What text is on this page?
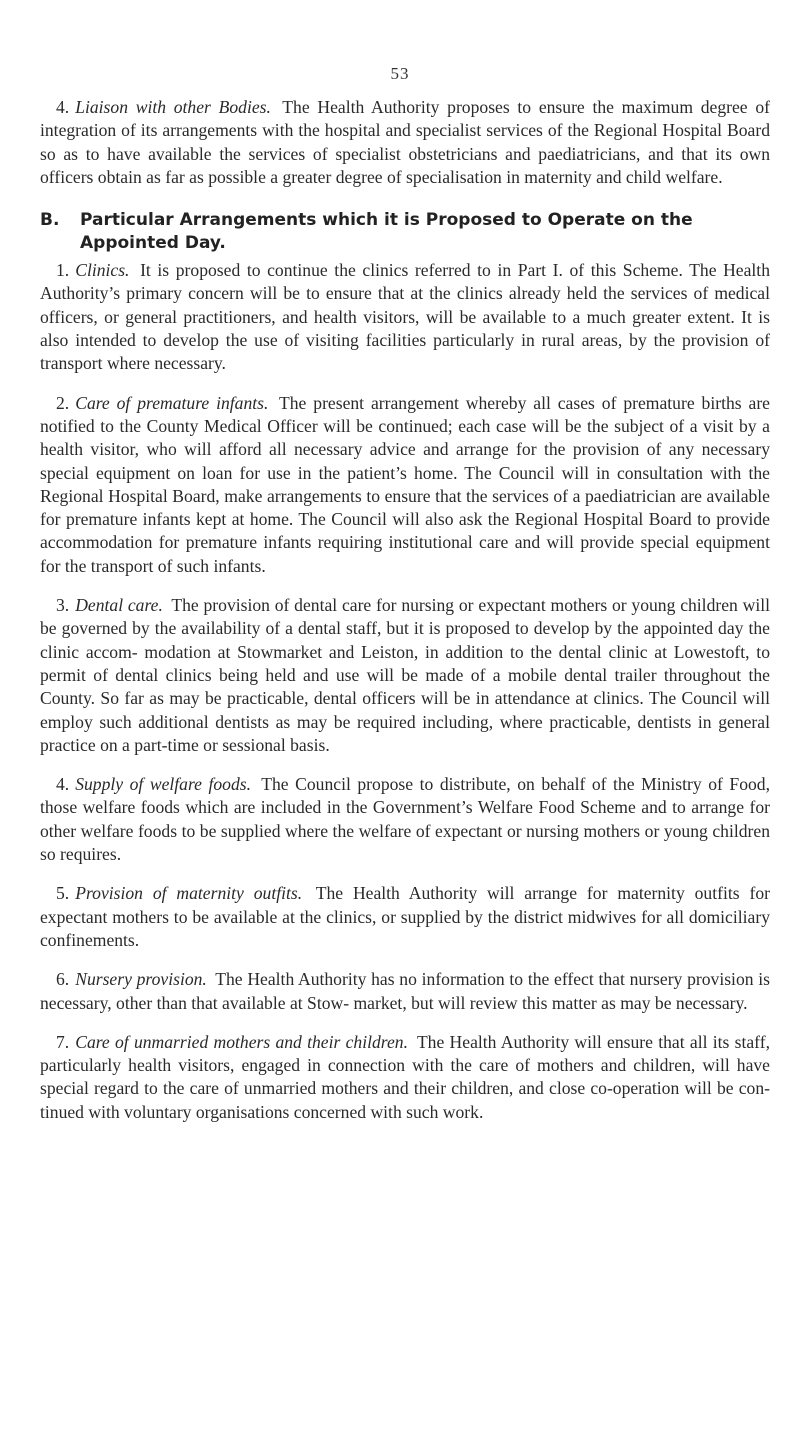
53

4. Liaison with other Bodies. The Health Authority proposes to ensure the maximum degree of integration of its arrangements with the hospital and specialist services of the Regional Hospital Board so as to have available the services of specialist obstetricians and paediatricians, and that its own officers obtain as far as possible a greater degree of specialisation in maternity and child welfare.

B. Particular Arrangements which it is Proposed to Operate on the Appointed Day.

1. Clinics. It is proposed to continue the clinics referred to in Part I. of this Scheme. The Health Authority’s primary concern will be to ensure that at the clinics already held the services of medical officers, or general practitioners, and health visitors, will be available to a much greater extent. It is also intended to develop the use of visiting facilities particularly in rural areas, by the provision of transport where necessary.

2. Care of premature infants. The present arrangement whereby all cases of premature births are notified to the County Medical Officer will be continued; each case will be the subject of a visit by a health visitor, who will afford all necessary advice and arrange for the provision of any necessary special equipment on loan for use in the patient’s home. The Council will in consultation with the Regional Hospital Board, make arrangements to ensure that the services of a paediatrician are available for premature infants kept at home. The Council will also ask the Regional Hospital Board to provide accommodation for premature infants requiring institutional care and will provide special equipment for the transport of such infants.

3. Dental care. The provision of dental care for nursing or expectant mothers or young children will be governed by the availability of a dental staff, but it is proposed to develop by the appointed day the clinic accom- modation at Stowmarket and Leiston, in addition to the dental clinic at Lowestoft, to permit of dental clinics being held and use will be made of a mobile dental trailer throughout the County. So far as may be practicable, dental officers will be in attendance at clinics. The Council will employ such additional dentists as may be required including, where practicable, dentists in general practice on a part-time or sessional basis.

4. Supply of welfare foods. The Council propose to distribute, on behalf of the Ministry of Food, those welfare foods which are included in the Government’s Welfare Food Scheme and to arrange for other welfare foods to be supplied where the welfare of expectant or nursing mothers or young children so requires.

5. Provision of maternity outfits. The Health Authority will arrange for maternity outfits for expectant mothers to be available at the clinics, or supplied by the district midwives for all domiciliary confinements.

6. Nursery provision. The Health Authority has no information to the effect that nursery provision is necessary, other than that available at Stow- market, but will review this matter as may be necessary.

7. Care of unmarried mothers and their children. The Health Authority will ensure that all its staff, particularly health visitors, engaged in connection with the care of mothers and children, will have special regard to the care of unmarried mothers and their children, and close co-operation will be con- tinued with voluntary organisations concerned with such work.
